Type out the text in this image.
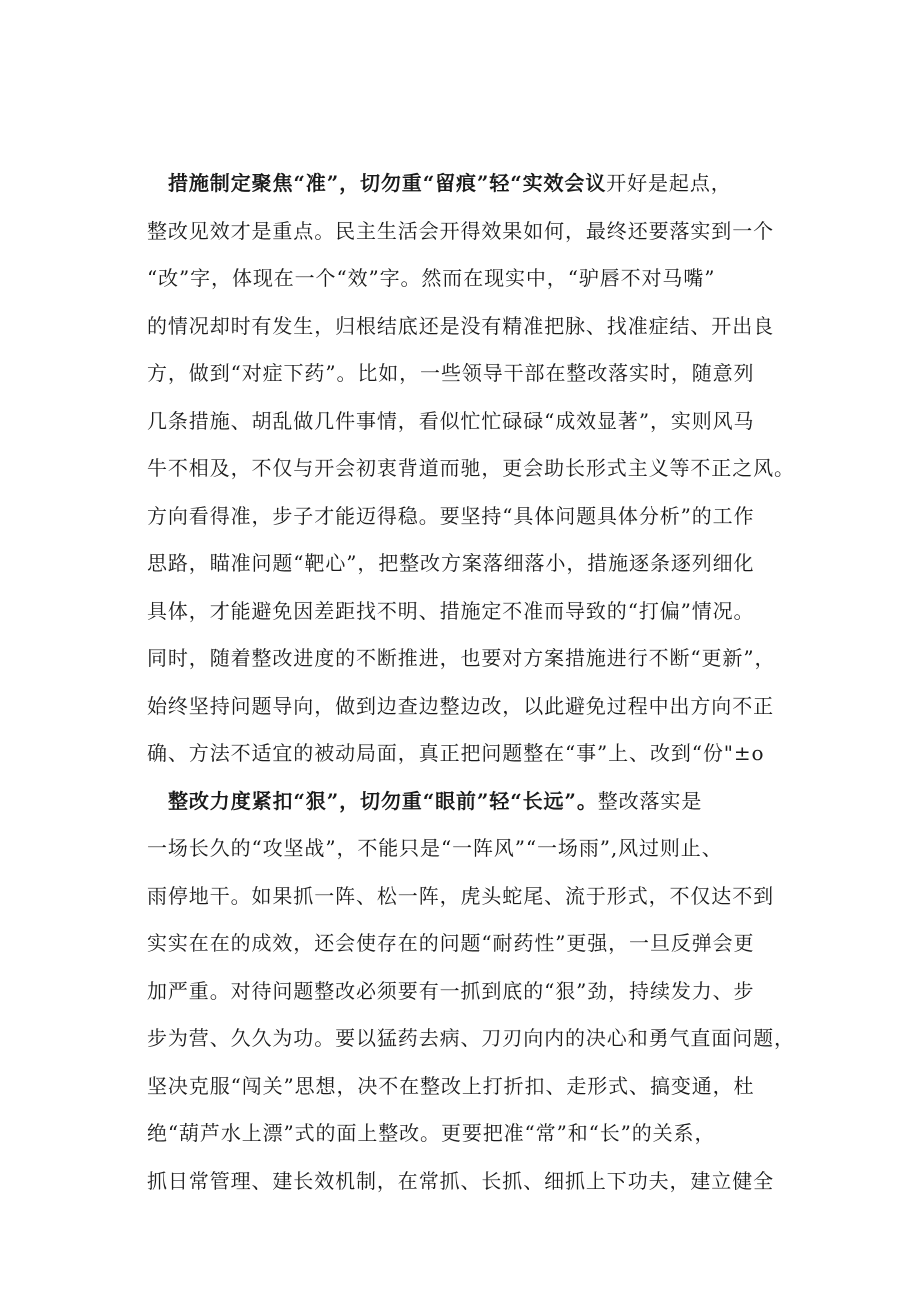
措施制定聚焦“准”，切勿重“留痕”轻“实效会议开好是起点，
整改见效才是重点。民主生活会开得效果如何，最终还要落实到一个
“改”字，体现在一个“效”字。然而在现实中，“驴唇不对马嘴”
的情况却时有发生，归根结底还是没有精准把脉、找准症结、开出良
方，做到“对症下药”。比如，一些领导干部在整改落实时，随意列
几条措施、胡乱做几件事情，看似忙忙碌碌“成效显著”，实则风马
牛不相及，不仅与开会初衷背道而驰，更会助长形式主义等不正之风。
方向看得准，步子才能迈得稳。要坚持“具体问题具体分析”的工作
思路，瞄准问题“靶心”，把整改方案落细落小，措施逐条逐列细化
具体，才能避免因差距找不明、措施定不准而导致的“打偏”情况。
同时，随着整改进度的不断推进，也要对方案措施进行不断“更新”，
始终坚持问题导向，做到边查边整边改，以此避免过程中出方向不正
确、方法不适宜的被动局面，真正把问题整在“事”上、改到“份"±o
整改力度紧扣“狠”，切勿重“眼前”轻“长远”。整改落实是
一场长久的“攻坚战”，不能只是“一阵风”“一场雨”,风过则止、
雨停地干。如果抓一阵、松一阵，虎头蛇尾、流于形式，不仅达不到
实实在在的成效，还会使存在的问题“耐药性”更强，一旦反弹会更
加严重。对待问题整改必须要有一抓到底的“狠”劲，持续发力、步
步为营、久久为功。要以猛药去病、刀刃向内的决心和勇气直面问题，
坚决克服“闯关”思想，决不在整改上打折扣、走形式、搞变通，杜
绝“葫芦水上漂”式的面上整改。更要把准“常”和“长”的关系，
抓日常管理、建长效机制，在常抓、长抓、细抓上下功夫，建立健全
